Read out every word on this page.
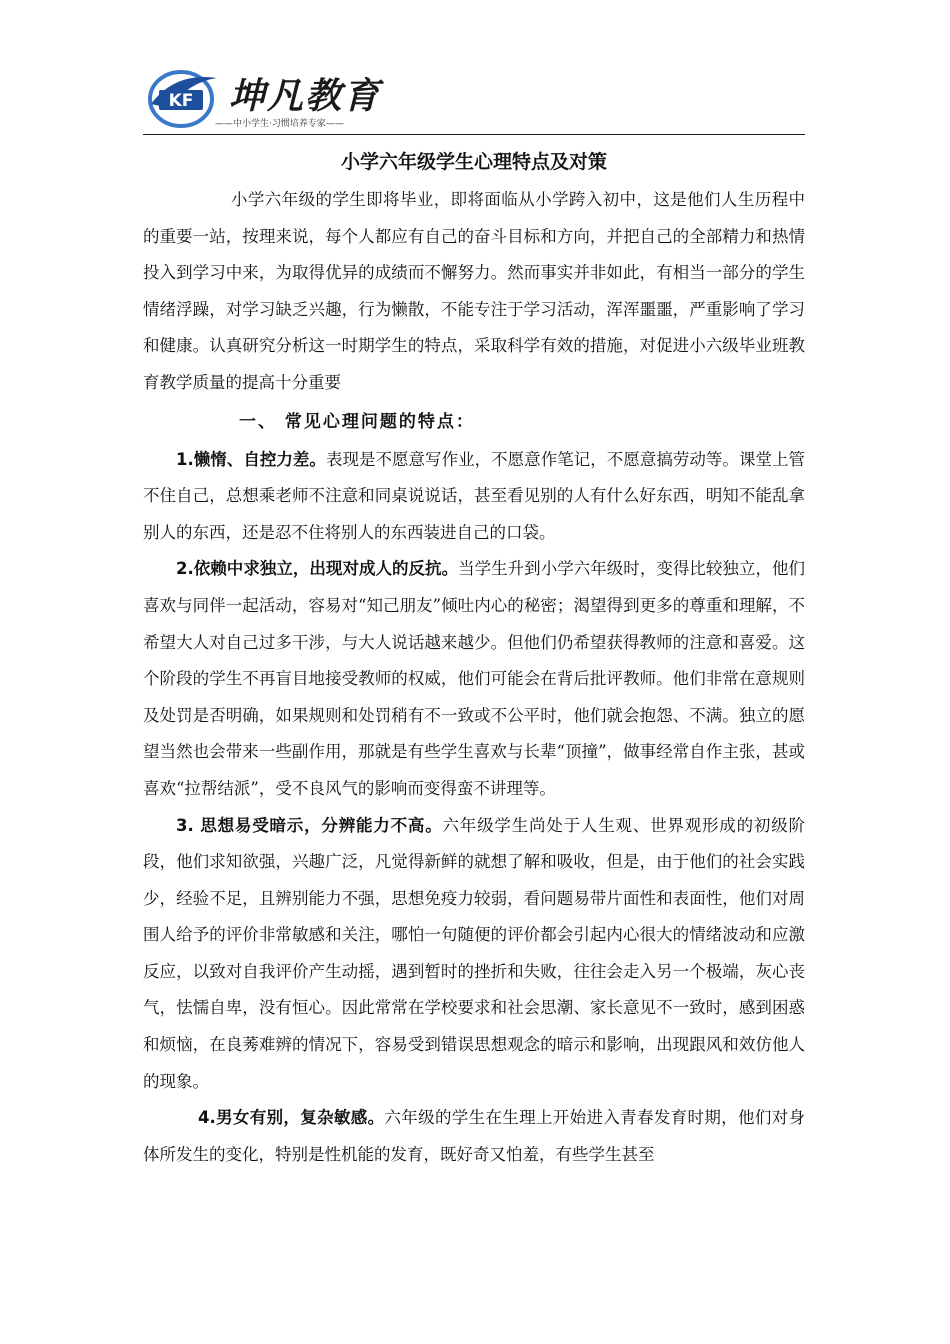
KF 坤凡教育
——中小学生·习惯培养专家——
小学六年级学生心理特点及对策

小学六年级的学生即将毕业，即将面临从小学跨入初中，这是他们人生历程中的重要一站，按理来说，每个人都应有自己的奋斗目标和方向，并把自己的全部精力和热情投入到学习中来，为取得优异的成绩而不懈努力。然而事实并非如此，有相当一部分的学生情绪浮躁，对学习缺乏兴趣，行为懒散，不能专注于学习活动，浑浑噩噩，严重影响了学习和健康。认真研究分析这一时期学生的特点，采取科学有效的措施，对促进小六级毕业班教育教学质量的提高十分重要

一、 常见心理问题的特点：

1.懒惰、自控力差。表现是不愿意写作业，不愿意作笔记，不愿意搞劳动等。课堂上管不住自己，总想乘老师不注意和同桌说说话，甚至看见别的人有什么好东西，明知不能乱拿别人的东西，还是忍不住将别人的东西装进自己的口袋。

2.依赖中求独立，出现对成人的反抗。当学生升到小学六年级时，变得比较独立，他们喜欢与同伴一起活动，容易对“知己朋友”倾吐内心的秘密；渴望得到更多的尊重和理解，不希望大人对自己过多干涉，与大人说话越来越少。但他们仍希望获得教师的注意和喜爱。这个阶段的学生不再盲目地接受教师的权威，他们可能会在背后批评教师。他们非常在意规则及处罚是否明确，如果规则和处罚稍有不一致或不公平时，他们就会抱怨、不满。独立的愿望当然也会带来一些副作用，那就是有些学生喜欢与长辈“顶撞”，做事经常自作主张，甚或喜欢“拉帮结派”，受不良风气的影响而变得蛮不讲理等。

3. 思想易受暗示，分辨能力不高。六年级学生尚处于人生观、世界观形成的初级阶段，他们求知欲强，兴趣广泛，凡觉得新鲜的就想了解和吸收，但是，由于他们的社会实践少，经验不足，且辨别能力不强，思想免疫力较弱，看问题易带片面性和表面性，他们对周围人给予的评价非常敏感和关注，哪怕一句随便的评价都会引起内心很大的情绪波动和应激反应，以致对自我评价产生动摇，遇到暂时的挫折和失败，往往会走入另一个极端，灰心丧气，怯懦自卑，没有恒心。因此常常在学校要求和社会思潮、家长意见不一致时，感到困惑和烦恼，在良莠难辨的情况下，容易受到错误思想观念的暗示和影响，出现跟风和效仿他人的现象。

4.男女有别，复杂敏感。六年级的学生在生理上开始进入青春发育时期，他们对身体所发生的变化，特别是性机能的发育，既好奇又怕羞，有些学生甚至
